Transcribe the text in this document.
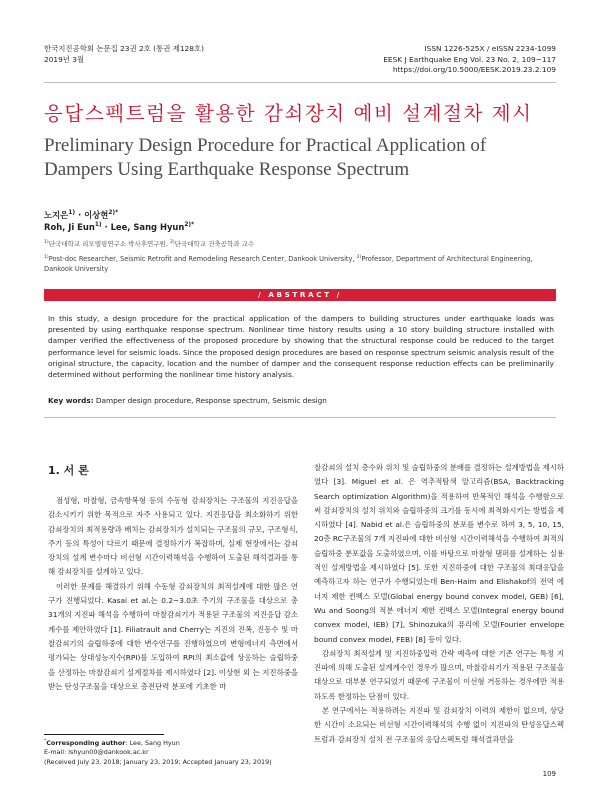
한국지진공학회 논문집 23권 2호 (통권 제128호)
2019년 3월
ISSN 1226-525X / eISSN 2234-1099
EESK J Earthquake Eng Vol. 23 No. 2, 109~117
https://doi.org/10.5000/EESK.2019.23.2.109
응답스펙트럼을 활용한 감쇠장치 예비 설계절차 제시
Preliminary Design Procedure for Practical Application of Dampers Using Earthquake Response Spectrum
노지은$^{1)}$ · 이상현$^{2)*}$
Roh, Ji Eun$^{1)}$ · Lee, Sang Hyun$^{2)*}$
$^{1)}$단국대학교 리모델링연구소 박사후연구원, $^{2)}$단국대학교 건축공학과 교수
$^{1)}$Post-doc Researcher, Seismic Retrofit and Remodeling Research Center, Dankook University, $^{2)}$Professor, Department of Architectural Engineering, Dankook University
/ ABSTRACT /
In this study, a design procedure for the practical application of the dampers to building structures under earthquake loads was presented by using earthquake response spectrum. Nonlinear time history results using a 10 story building structure installed with damper verified the effectiveness of the proposed procedure by showing that the structural response could be reduced to the target performance level for seismic loads. Since the proposed design procedures are based on response spectrum seismic analysis result of the original structure, the capacity, location and the number of damper and the consequent response reduction effects can be preliminarily determined without performing the nonlinear time history analysis.
Key words: Damper design procedure, Response spectrum, Seismic design
1. 서 론

점성형, 마찰형, 금속항복형 등의 수동형 감쇠장치는 구조물의 지진응답을 감소시키기 위한 목적으로 자주 사용되고 있다. 지진응답을 최소화하기 위한 감쇠장치의 최적용량과 배치는 감쇠장치가 설치되는 구조물의 규모, 구조형식, 주기 등의 특성이 다르기 때문에 결정하기가 복잡하며, 실제 현장에서는 감쇠장치의 설계 변수마다 비선형 시간이력해석을 수행하여 도출된 해석결과를 통해 감쇠장치를 설계하고 있다.

이러한 문제를 해결하기 위해 수동형 감쇠장치의 최적설계에 대한 많은 연구가 진행되었다. Kasai et al.는 0.2~3.0초 주기의 구조물을 대상으로 총 31개의 지진파 해석을 수행하여 마찰감쇠기가 적용된 구조물의 지진응답 감소계수를 제안하였다 [1]. Filiatrault and Cherry는 지진의 진폭, 진동수 및 마찰감쇠기의 슬립하중에 대한 변수연구를 진행하였으며 변형에너지 측면에서 평가되는 상대성능지수(RPI)를 도입하여 RPI의 최소값에 상응하는 슬립하중을 산정하는 마찰감쇠기 설계절차를 제시하였다 [2]. 이상현 외 는 지진하중을 받는 탄성구조물을 대상으로 층전단력 분포에 기초한 마

찰감쇠의 설치 층수와 위치 및 슬립하중의 분배를 결정하는 설계방법을 제시하였다 [3]. Miguel et al. 은 역추적탐색 알고리즘(BSA, Backtracking Search optimization Algorithm)을 적용하여 반복적인 해석을 수행함으로써 감쇠장치의 설치 위치와 슬립하중의 크기를 동시에 최적화시키는 방법을 제시하였다 [4]. Nabid et al.은 슬립하중의 분포를 변수로 하여 3, 5, 10, 15, 20층 RC구조물의 7개 지진파에 대한 비선형 시간이력해석을 수행하여 최적의 슬립하중 분포값을 도출하였으며, 이를 바탕으로 마찰형 댐퍼를 설계하는 실용적인 설계방법을 제시하였다 [5]. 또한 지진하중에 대한 구조물의 최대응답을 예측하고자 하는 연구가 수행되었는데 Ben-Haim and Elishakof의 전역 에너지 제한 컨벡스 모델(Global energy bound convex model, GEB) [6], Wu and Soong의 적분 에너지 제한 컨벡스 모델(Integral energy bound convex model, IEB) [7], Shinozuka의 퓨리에 모델(Fourier envelope bound convex model, FEB) [8] 등이 있다.

감쇠장치 최적설계 및 지진하중입력 간략 예측에 대한 기존 연구는 특정 지진파에 의해 도출된 설계계수인 경우가 많으며, 마찰감쇠기가 적용된 구조물을 대상으로 대부분 연구되었기 때문에 구조물이 이선형 거동하는 경우에만 적용하도록 한정하는 단점이 있다.

본 연구에서는 적용하려는 지진파 및 감쇠장치 이력의 제한이 없으며, 상당한 시간이 소요되는 비선형 시간이력해석의 수행 없이 지진파의 탄성응답스펙트럼과 감쇠장치 설치 전 구조물의 응답스펙트럼 해석결과만을

*Corresponding author: Lee, Sang Hyun
E-mail: lshyun00@dankook.ac.kr
(Received July 23, 2018; January 23, 2019; Accepted January 23, 2019)
109
